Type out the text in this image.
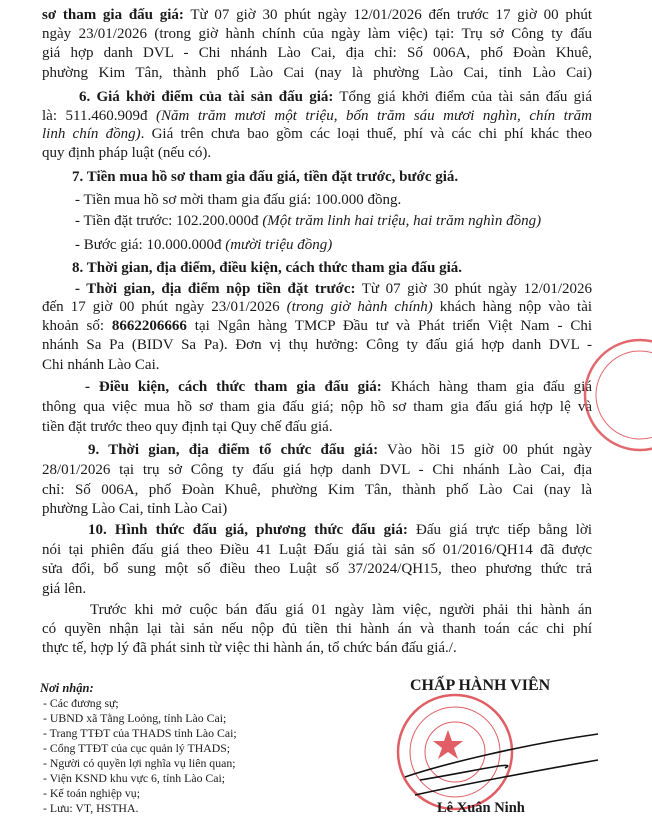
sơ tham gia đấu giá: Từ 07 giờ 30 phút ngày 12/01/2026 đến trước 17 giờ 00 phút
ngày 23/01/2026 (trong giờ hành chính của ngày làm việc) tại: Trụ sở Công ty đấu
giá hợp danh DVL - Chi nhánh Lào Cai, địa chỉ: Số 006A, phố Đoàn Khuê,
phường Kim Tân, thành phố Lào Cai (nay là phường Lào Cai, tỉnh Lào Cai)
6. Giá khởi điểm của tài sản đấu giá: Tổng giá khởi điểm của tài sản đấu giá
là: 511.460.909đ (Năm trăm mươi một triệu, bốn trăm sáu mươi nghìn, chín trăm
linh chín đồng). Giá trên chưa bao gồm các loại thuế, phí và các chi phí khác theo
quy định pháp luật (nếu có).
7. Tiền mua hồ sơ tham gia đấu giá, tiền đặt trước, bước giá.
- Tiền mua hồ sơ mời tham gia đấu giá: 100.000 đồng.
- Tiền đặt trước: 102.200.000đ (Một trăm linh hai triệu, hai trăm nghìn đồng)
- Bước giá: 10.000.000đ (mười triệu đồng)
8. Thời gian, địa điểm, điều kiện, cách thức tham gia đấu giá.
- Thời gian, địa điểm nộp tiền đặt trước: Từ 07 giờ 30 phút ngày 12/01/2026
đến 17 giờ 00 phút ngày 23/01/2026 (trong giờ hành chính) khách hàng nộp vào tài
khoản số: 8662206666 tại Ngân hàng TMCP Đầu tư và Phát triển Việt Nam - Chi
nhánh Sa Pa (BIDV Sa Pa). Đơn vị thụ hưởng: Công ty đấu giá hợp danh DVL -
Chi nhánh Lào Cai.
- Điều kiện, cách thức tham gia đấu giá: Khách hàng tham gia đấu giá
thông qua việc mua hồ sơ tham gia đấu giá; nộp hồ sơ tham gia đấu giá hợp lệ và
tiền đặt trước theo quy định tại Quy chế đấu giá.
9. Thời gian, địa điểm tổ chức đấu giá: Vào hồi 15 giờ 00 phút ngày
28/01/2026 tại trụ sở Công ty đấu giá hợp danh DVL - Chi nhánh Lào Cai, địa
chỉ: Số 006A, phố Đoàn Khuê, phường Kim Tân, thành phố Lào Cai (nay là
phường Lào Cai, tỉnh Lào Cai)
10. Hình thức đấu giá, phương thức đấu giá: Đấu giá trực tiếp bằng lời
nói tại phiên đấu giá theo Điều 41 Luật Đấu giá tài sản số 01/2016/QH14 đã được
sửa đổi, bổ sung một số điều theo Luật số 37/2024/QH15, theo phương thức trả
giá lên.
Trước khi mở cuộc bán đấu giá 01 ngày làm việc, người phải thi hành án
có quyền nhận lại tài sản nếu nộp đủ tiền thi hành án và thanh toán các chi phí
thực tế, hợp lý đã phát sinh từ việc thi hành án, tổ chức bán đấu giá./.
Nơi nhận:
- Các đương sự;
- UBND xã Tằng Loỏng, tỉnh Lào Cai;
- Trang TTĐT của THADS tỉnh Lào Cai;
- Cổng TTĐT của cục quản lý THADS;
- Người có quyền lợi nghĩa vụ liên quan;
- Viện KSND khu vực 6, tỉnh Lào Cai;
- Kế toán nghiệp vụ;
- Lưu: VT, HSTHA.
CHẤP HÀNH VIÊN
Lê Xuân Ninh
